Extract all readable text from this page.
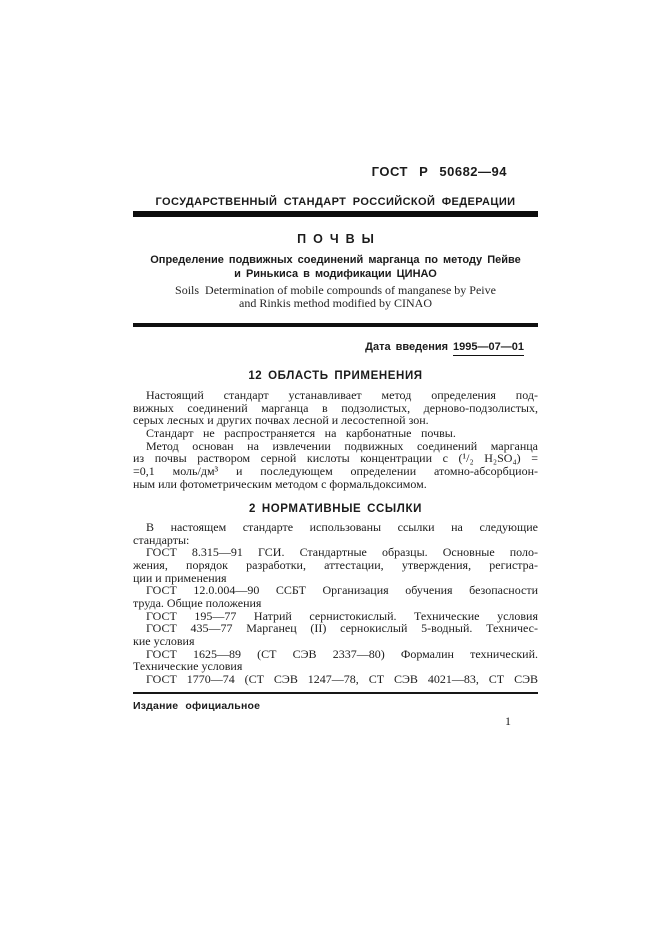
ГОСТ Р 50682—94
ГОСУДАРСТВЕННЫЙ СТАНДАРТ РОССИЙСКОЙ ФЕДЕРАЦИИ
ПОЧВЫ
Определение подвижных соединений марганца по методу Пейве
и Ринькиса в модификации ЦИНАО
Soils  Determination of mobile compounds of manganese by Peive
and Rinkis method modified by CINAO
Дата введения 1995—07—01
12 ОБЛАСТЬ ПРИМЕНЕНИЯ
Настоящий стандарт устанавливает метод определения под-
вижных соединений марганца в подзолистых, дерново-подзолистых,
серых лесных и других почвах лесной и лесостепной зон.
Стандарт не распространяется на карбонатные почвы.
Метод основан на извлечении подвижных соединений марганца
из почвы раствором серной кислоты концентрации с (¹/₂ H₂SO₄) =
=0,1 моль/дм³ и последующем определении атомно-абсорбцион-
ным или фотометрическим методом с формальдоксимом.
2 НОРМАТИВНЫЕ ССЫЛКИ
В настоящем стандарте использованы ссылки на следующие
стандарты:
ГОСТ 8.315—91 ГСИ. Стандартные образцы. Основные поло-
жения, порядок разработки, аттестации, утверждения, регистра-
ции и применения
ГОСТ 12.0.004—90 ССБТ Организация обучения безопасности
труда. Общие положения
ГОСТ 195—77 Натрий сернистокислый. Технические условия
ГОСТ 435—77 Марганец (II) сернокислый 5-водный. Техничес-
кие условия
ГОСТ 1625—89 (СТ СЭВ 2337—80) Формалин технический.
Технические условия
ГОСТ 1770—74 (СТ СЭВ 1247—78, СТ СЭВ 4021—83, СТ СЭВ
Издание официальное
1
